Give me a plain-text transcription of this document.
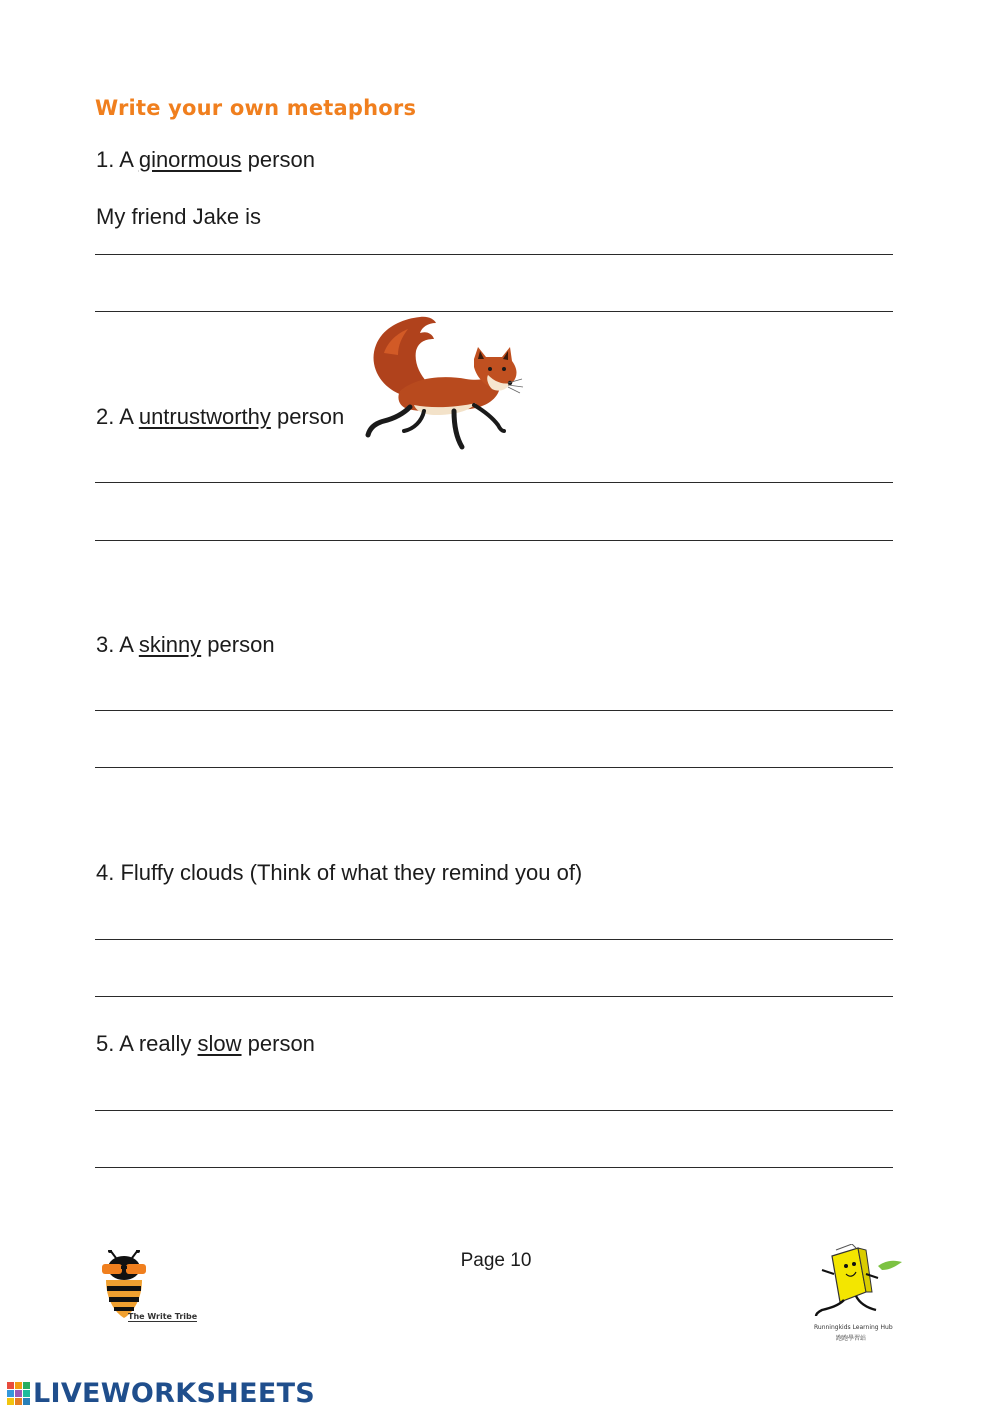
Write your own metaphors
1. A ginormous person
My friend Jake is
2. A untrustworthy person
3. A skinny person
4. Fluffy clouds (Think of what they remind you of)
5. A really slow person
The Write Tribe
Page 10
Runningkids Learning Hub
跑跑學習站
LIVEWORKSHEETS
